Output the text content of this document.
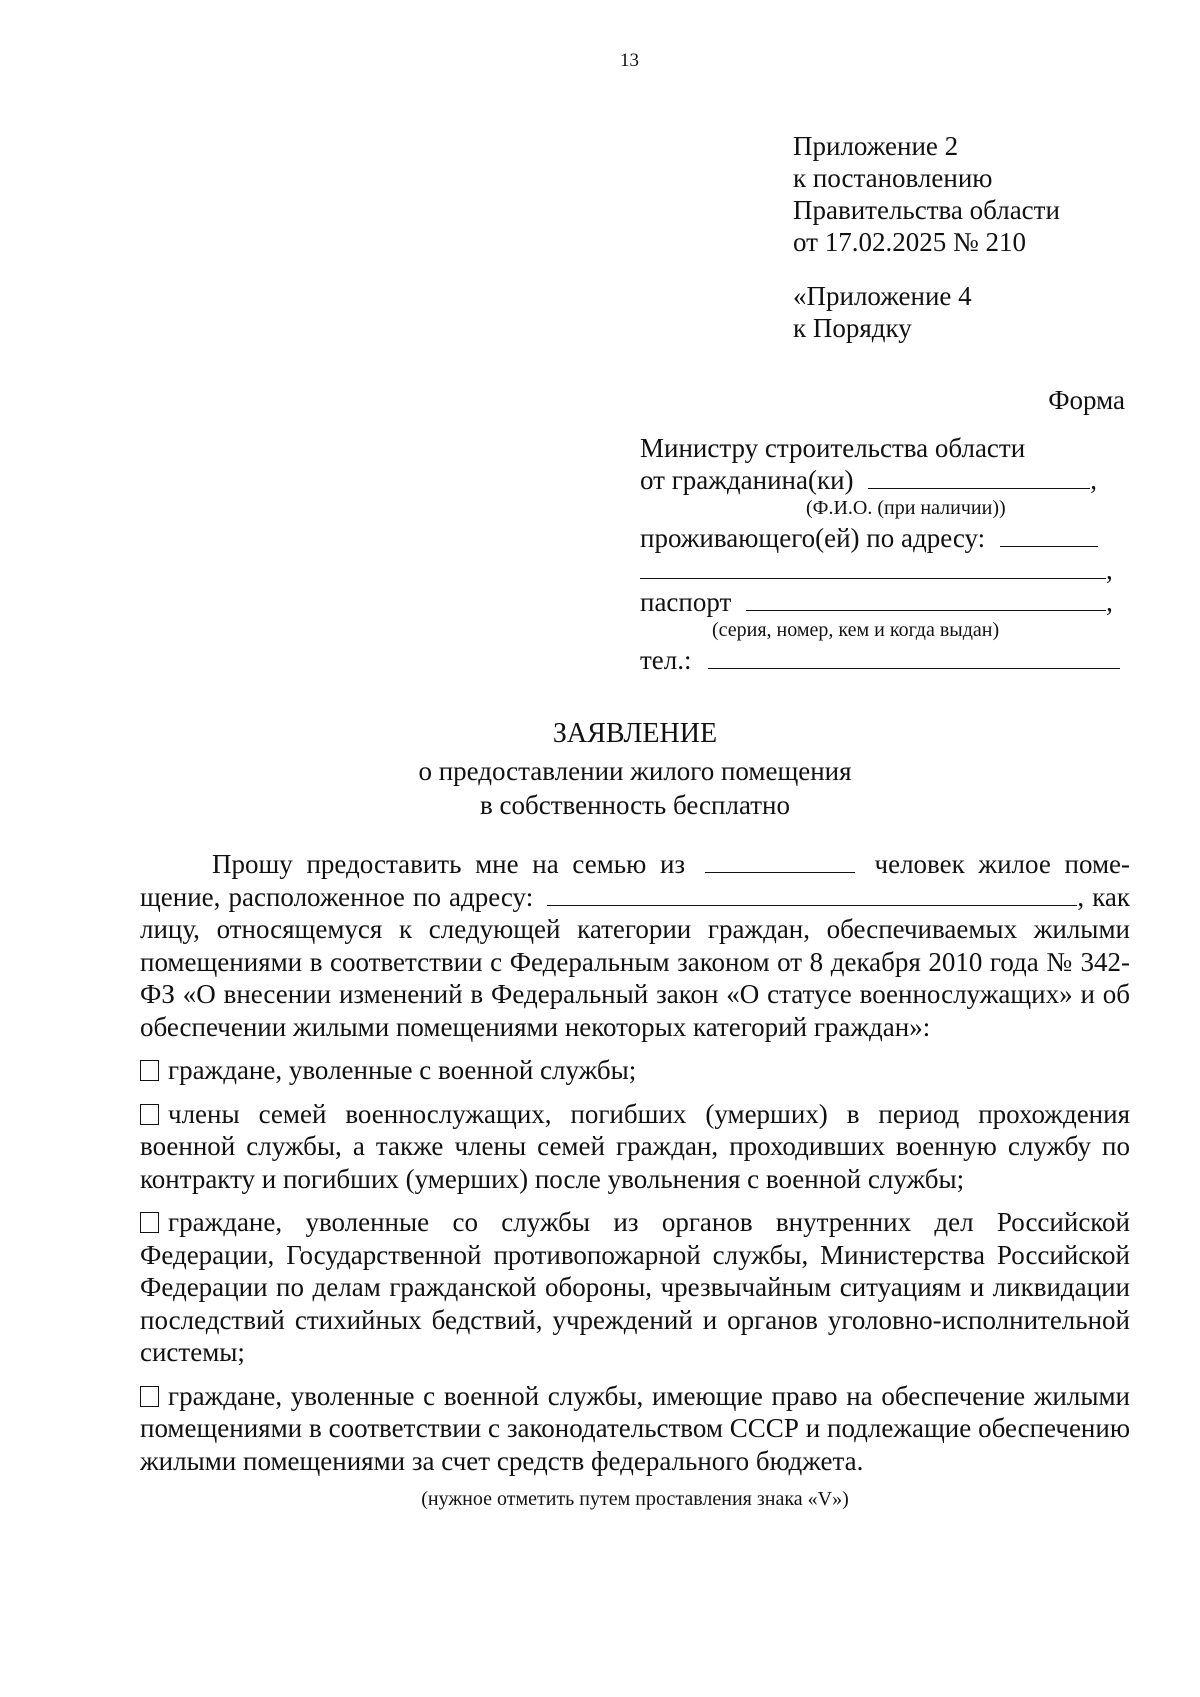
13
Приложение 2
к постановлению
Правительства области
от 17.02.2025 № 210
«Приложение 4
к Порядку
Форма
Министру строительства области
от гражданина(ки)	,
(Ф.И.О. (при наличии))
проживающего(ей) по адресу:
,
паспорт	,
(серия, номер, кем и когда выдан)
тел.:
ЗАЯВЛЕНИЕ
о предоставлении жилого помещения
в собственность бесплатно

Прошу предоставить мне на семью из	человек жилое поме-щение, расположенное по адресу:	, как лицу, относящемуся к следующей категории граждан, обеспечиваемых жилыми помещениями в соответствии с Федеральным законом от 8 декабря 2010 года № 342-ФЗ «О внесении изменений в Федеральный закон «О статусе военнослужащих» и об обеспечении жилыми помещениями некоторых категорий граждан»:

граждане, уволенные с военной службы;
члены семей военнослужащих, погибших (умерших) в период прохождения военной службы, а также члены семей граждан, проходивших военную службу по контракту и погибших (умерших) после увольнения с военной службы;
граждане, уволенные со службы из органов внутренних дел Российской Федерации, Государственной противопожарной службы, Министерства Российской Федерации по делам гражданской обороны, чрезвычайным ситуациям и ликвидации последствий стихийных бедствий, учреждений и органов уголовно-исполнительной системы;
граждане, уволенные с военной службы, имеющие право на обеспечение жилыми помещениями в соответствии с законодательством СССР и подлежащие обеспечению жилыми помещениями за счет средств федерального бюджета.
(нужное отметить путем проставления знака «V»)
